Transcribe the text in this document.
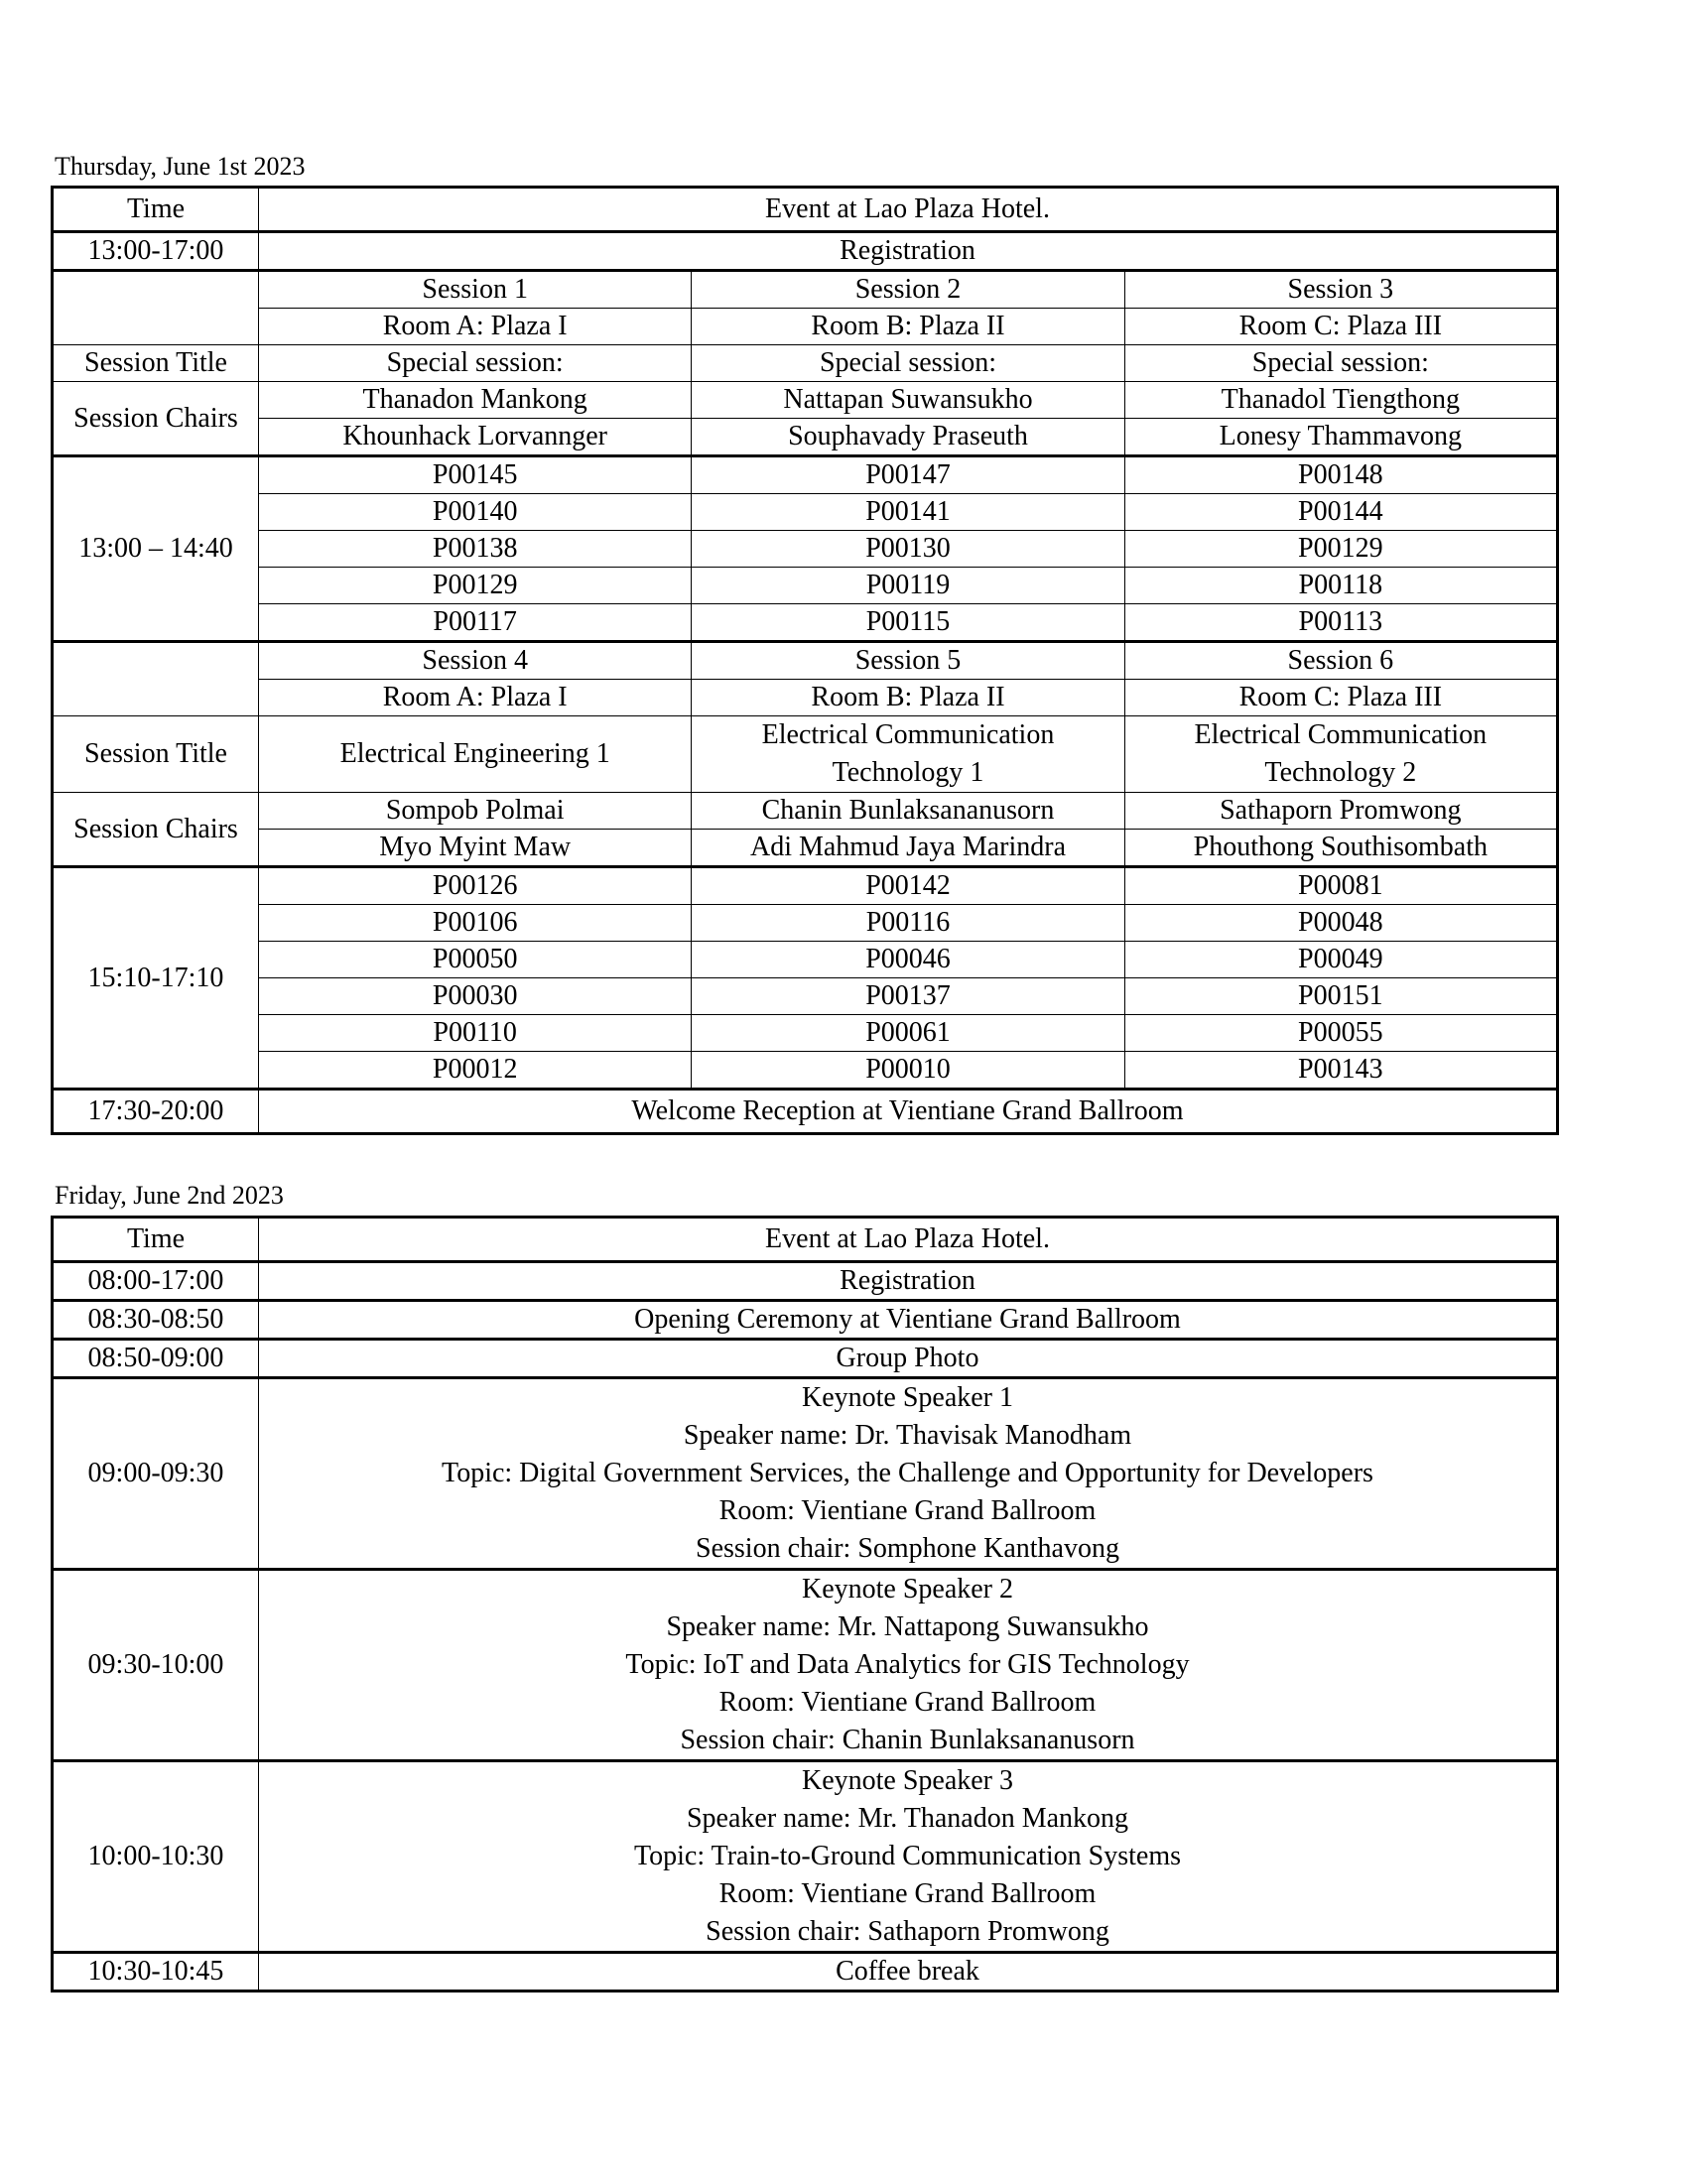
Thursday, June 1st 2023
Time	Event at Lao Plaza Hotel.		
13:00-17:00	Registration		
	Session 1	Session 2	Session 3
	Room A: Plaza I	Room B: Plaza II	Room C: Plaza III
Session Title	Special session:	Special session:	Special session:
Session Chairs	Thanadon Mankong	Nattapan Suwansukho	Thanadol Tiengthong
	Khounhack Lorvannger	Souphavady Praseuth	Lonesy Thammavong
13:00 – 14:40	P00145	P00147	P00148
	P00140	P00141	P00144
	P00138	P00130	P00129
	P00129	P00119	P00118
	P00117	P00115	P00113
	Session 4	Session 5	Session 6
	Room A: Plaza I	Room B: Plaza II	Room C: Plaza III
Session Title	Electrical Engineering 1	Electrical Communication Technology 1	Electrical Communication Technology 2
Session Chairs	Sompob Polmai	Chanin Bunlaksananusorn	Sathaporn Promwong
	Myo Myint Maw	Adi Mahmud Jaya Marindra	Phouthong Southisombath
15:10-17:10	P00126	P00142	P00081
	P00106	P00116	P00048
	P00050	P00046	P00049
	P00030	P00137	P00151
	P00110	P00061	P00055
	P00012	P00010	P00143
17:30-20:00	Welcome Reception at Vientiane Grand Ballroom		
Friday, June 2nd 2023
Time	Event at Lao Plaza Hotel.
08:00-17:00	Registration
08:30-08:50	Opening Ceremony at Vientiane Grand Ballroom
08:50-09:00	Group Photo
09:00-09:30	Keynote Speaker 1
Speaker name: Dr. Thavisak Manodham
Topic: Digital Government Services, the Challenge and Opportunity for Developers
Room: Vientiane Grand Ballroom
Session chair: Somphone Kanthavong

09:30-10:00	Keynote Speaker 2
Speaker name: Mr. Nattapong Suwansukho
Topic: IoT and Data Analytics for GIS Technology
Room: Vientiane Grand Ballroom
Session chair: Chanin Bunlaksananusorn

10:00-10:30	Keynote Speaker 3
Speaker name: Mr. Thanadon Mankong
Topic: Train-to-Ground Communication Systems
Room: Vientiane Grand Ballroom
Session chair: Sathaporn Promwong

10:30-10:45	Coffee break
